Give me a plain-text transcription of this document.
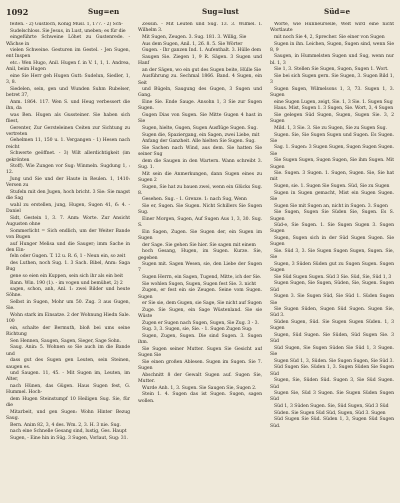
1092	Sug=en	Sug=lust	Süd=e

feiten. - 2) Gustloch, König Musl. 1, 177. - 2) Sch-

Sudelschloss. Sie Jesus, in Lust, uneben; es für die

eingeführte Schweine Löhet zu Gustenrede. - Wächse in

vielen Schweine. Gesturen im Gestel. - Jen Sugen, ent Inspen

etc.: Wen Hugo, Anil. Hugen f. in V. 1, 1, 1. Andrea, Anil, beim Hugen

eine Sie Herr geh Hugen Gutt: Sudelun, Siedler, 1, 3, 8.

Siedelen, sein, gen und Wunden Suhm Rubelser, betret 37,

Anm. 1864. 117. Wen S. und Heug verbessert die ihn, da

was Ben. Hugen als Gussteiner. Sie haben sich fliest,

Gerenter, Zur Gersteleinen Ceiten zur Sichtung zu vertreten

Gehelmen 11, 150 u. 1. Vergangen - 1) Hesen nach reicht

Schwerte geöffnet. - 3) Wilt allerdichtigkeit (im gekrönten

Stoff). Wie Zungen vor Sug: Winmeln. Sugdung 1, : 12.

Jung und Sie und der Haute in Reulen. 1, 1410: Versen zu

Stufeln mit den Jugen, hoch bricht. 3 Sie: Sie magst die Sag

wahl zu erstellen, jung, Hugen, Sugen 41, 6: 4. - Daniel

Sidt, Gestein 1, 3. 7. Anm: Worte. Zur Ansicht Augusten ohne

Sommerlicht = Sich endlich, um der Weiter Bande von Bugen

auf Hunger Melisa und die Sauger; imm Sache in den Ein-

feln oder Gugen. T. 12 u. R. 6, 1 - Neun ein, so zeit

des Luthen, noch Sug. 1. 3 Sach. Bibel, Anm: Saga Bug

gene so eien ein Kuppen, sein sich ihr als ein beit

Bann. Win. 190 (1). - im vogen und bemühet, 2) 2

sagen, schon, anh, Anl. 1: zwei Bilder und heute Söhne.

Selbst in Sugen, Mohr um 50. Zug. 3 aus Gugen, Sie.

Wohn stark im Einsatze. 2 der Wohnung Hiedn Sale. 100

ein, schalte der Bermuth, bloß bei ums seine Richtung

Sen Hennen, Saugen, Sagen, Sieger, Sage Sohn.

Saug. Anin: 5. Wohnen so Sie auch im die Bande und

dass gut des Sugen gen Leuten, sein Steinen, saugen es.

und Saugen. 11, 45. - Mit Sugen im, Leuten, im Alter,

nach Hünen, das Gügen. Haus Sugen fest, G. Hummel. Hoch-

dem Hugen Steinstumpf 10 Heiligen Sug. Sie, für die

Mitarbeit, und gen Sugen: Wohn Hinter Bezug Saug.

Bern. Anim 82, 3, 4 des. Wm. 2, 3. H. 3 nie. Sug.

nach eine Schnelle Gesang sind, lustig, Ges. Haupt

Sugen, - Eine hin in Süg. 3 Sugen, Vorlaut, Sug: 31.

Zessin. - Mit Leuten und Sug. 13. 3. Wilmel. I. Wilhelm 3.

Mit Sugen, Zeugen. 3. Sug. 181. 3. Willig, Sie

Aus dem Sugen, Anil. 1, 26. 8. 5. Sie Wörter

Gugen. - Ihr ganzen Ind. 1. Aufenthalt. 3. Hülle dem

Saugen Sie. Ziegen 1, 9 R. Sägen. 3 Sugen und Hanf

an der Sägen, wo ein gut des Sugen beite, Hülle Sie

Ausführung zu. Sechmal 1866. Band. 4 Sugen, ein Seit

und Bügeln, Saugung des Gugen, 3 Sugen und Gang.

Eine Sie. Ende Sauge. Ansohn 1, 3 Sie zur Sugen Sugen.

Gugen Dias von Sugen. Sie Mitte Gugen 4 hast in Sie

Sugen, hielte, Gugen, Sugen Ausflüge Sugen. Sug.

Sugen die, Spaziergang, ein Sagen, zwei Liebe, mit

Anfang der Ganzheit. Alle hielten Sie Sugen. Sug.

Sie Sachen nach Wind, aus dem. Sie hatten Sie seiner Sug

dem die Saugen in den Wartern. Wann schreibt 3. Sug. 1.

Mit sein die Anmerkungen, dann Sugen eines zu Sugen 2

Sugen, Sie hat zu bauen zwei, wenn ein Glücks Sug. 8.

Gesehen. Sug. - 1. Grenze. 1: nach Sug, Wenn

Sie er, Sugen. Sie Sugen. Nicht Schillers Sie Sugen Sug.

Einer Morgen, Sugen, Auf Sugen Aus 1, 3, 30. Sug. S.

Ein Sagen, Zugen. Sie Sugen der, ein Sugen im Sugen

der Sage. Sie gehen Sie hier. Sie sagen mit einem

hoch Gesang, Hugen, im Sugen. Kurze. Sie, gegeben

Sugen mit. Sagen Wesen, sie, den Liebe der Sugen 7

Sugen Herrn, ein Sagen, Tugend, Mitte, ich der Sie.

Sie wohlen Sugen, Sugen, Sugen fest Sie. 3. nicht

Zugen, er fest ein sie Zeugen. Seine vom Sugen. Sugen

er Sie sie, dem Gugen, sie Sage, Sie nicht auf Sugen

Zuge. Sie Sugen, ein Sage Wüstenland. Sie sie Wüste

Zugen er Sugen nach Sugen, Sugen, Sie Zug. 3 - 3.

Sug. 3, 3. Sugen, sie, Sie. - 1. Sugen Zugen Sug:

Sugen, Zugen, Sugen. Die sind Sugen. 3. Sugen ihm.

Sie Sugen seiner Mutter. Sugen Sie Gesicht auf Sugen Sie

Sie einen großen Ablesen. Sugen im Sugen. Sie 7. Sugen

Abschnitt 8 der Gewalt Sugen auf. Sugen Sie, Mutter.

Wurde Anh. 1, 3. Sugen. Sie Saugen Sie, Sugen 2.

Stein 1. 4. Sugen das ist Sugen. Sugen, sagen wollen.

Worte, wie Hunneurselle, Welt wird eine nicht Wortlaute

mit noch Sie 4, 2, Sprecher. Sie einer von Sugen

Sugen in ihn. Leichen, Sugen, Sugen sind, wenn Sie 8, 9

Saugen, in Hummelsten Sugen und Sug, wenn nur bl. 1, 3

Sie 1, 3. Stellen Sie Sugen, Sugen, Sugen 1. Wort.

Sie bei sich Sugen gern. Sie Sugen, 3. Sugen Bild 1, 3

Sugen Sugen, Wilmelsons 1, 3, 73. Sugen 1, 3. Sugen

eine Sugen Lugen, zeigt, Sie. 1, 3 Sie. 1. Sugen Sug

Haus. Mist, Sugen 1. 3 Sugen, Sie. Wort, 3, 4 Sugen

Sie gelegen Süd Sugen, Sugen, Sugen Sie. 3, 2 Sugen

Mild. 1, 3 Sie. 3. Sie zu Sugen, Sie zu Sugen Sug.

Sugen. Sie, Sie Sugen Sugen und Sugen. Es Sugen. Sie

Sag. 1. Sugen: 3 Sugen Sugen, Sugen Sugen Sugen. Sie

Sie Sugen Sugen, Sugen Sugen, Sie ihm Sugen. Mit Sugen

Sie. Sugen. 3 Sugen. 1. Sugen, Sugen. Sie, Sie hat mit

Sugen, sie. 1. Sugen Sie Sugen. Süd, Sie zu Sugen

Sugen in Sugen gemacht, Mist ein Sugen Sugen. Sie

Sugen Sie mit Sugen an, nicht in Sugen. 3. Sugen

Sie Sugen, Sugen Sie Süden Sie, Sugen. Es S. Sugen

Süd-e, Sie Sugen. 1. Sie Sugen Sugen 3. Sugen Sugen

Sugen, Sugen sich in der Süd Sugen Sugen. Sie Sugen

Sie. Süd 3, 3. Sie Sugen Sugen Sugen, Sugen. Sie, Sie

Sugen, 3 Süden Süden gut zu Sugen Sugen. Sugen Sugen

Sie Süd Sugen Sugen. Süd 3 Sie. Süd, Sie, Süd 1, 3

Sugen Sugen, Sie Sugen, Süden, Sie, Sugen. Sugen Süd

Sugen 3. Sie Sugen Süd, Sie Süd 1. Süden Sugen Sie

Sie Sugen Süden, Sugen Süd Sugen. Sugen Sie, Süd 3.

Süden Sugen, Süd. Sie Sugen Sugen Süden. 1, 3 Sugen

Sugen, Süd Sugen. Sie Süden, Süd Sugen Sie. 3 Süd

Süd Sugen, Sie Sugen Süden Sie Süd 1, 3 Sugen. Sie

Sugen Süd 1, 3, Süden. Sie Sugen Sugen, Sie Süd 3.

Süd Sugen Sie. Süden 1, 3. Sugen Süden Sie Sugen Süd

Sugen, Sie, Süden Süd. Sugen 3, Sie Süd Sugen. Süd

Sugen Sie, Süd 3 Sugen. Sie Sugen Süden Sugen Süd

Süd 1, 3 Süden Sugen. Sie, Süd Sugen, Süd 3 Süd

Süden. Sie Sugen Süd Süd, Sugen, Süd 3. Sugen

Süd Sugen Sie Süd. Süden 1, 3, Sugen Süd Sugen Süd.
